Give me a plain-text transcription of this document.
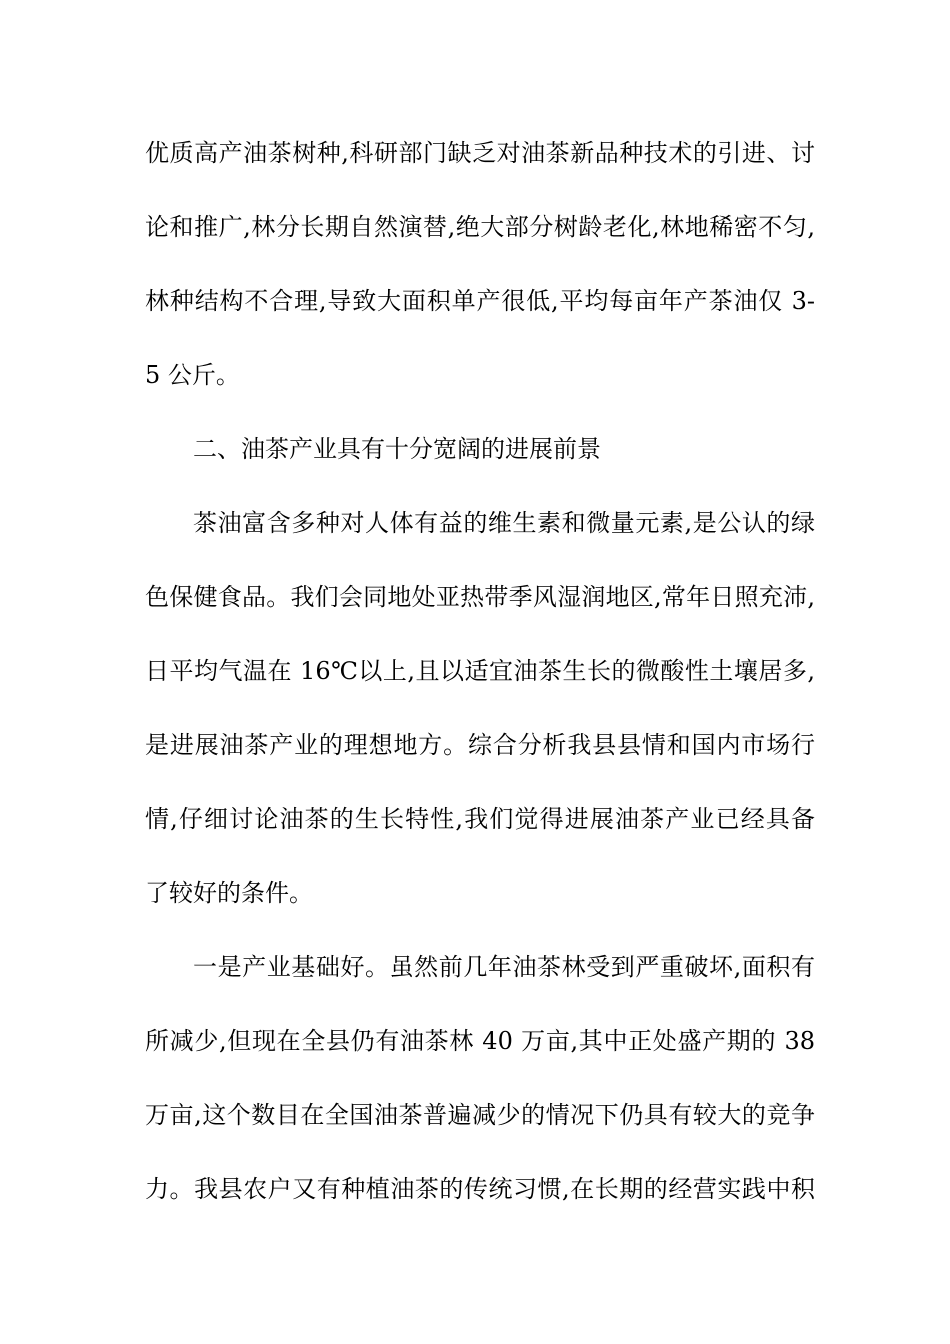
优质高产油茶树种,科研部门缺乏对油茶新品种技术的引进、讨
论和推广,林分长期自然演替,绝大部分树龄老化,林地稀密不匀,
林种结构不合理,导致大面积单产很低,平均每亩年产茶油仅 3-
5 公斤。
二、油茶产业具有十分宽阔的进展前景
茶油富含多种对人体有益的维生素和微量元素,是公认的绿
色保健食品。我们会同地处亚热带季风湿润地区,常年日照充沛,
日平均气温在 16℃以上,且以适宜油茶生长的微酸性土壤居多,
是进展油茶产业的理想地方。综合分析我县县情和国内市场行
情,仔细讨论油茶的生长特性,我们觉得进展油茶产业已经具备
了较好的条件。
一是产业基础好。虽然前几年油茶林受到严重破坏,面积有
所减少,但现在全县仍有油茶林 40 万亩,其中正处盛产期的 38
万亩,这个数目在全国油茶普遍减少的情况下仍具有较大的竞争
力。我县农户又有种植油茶的传统习惯,在长期的经营实践中积
